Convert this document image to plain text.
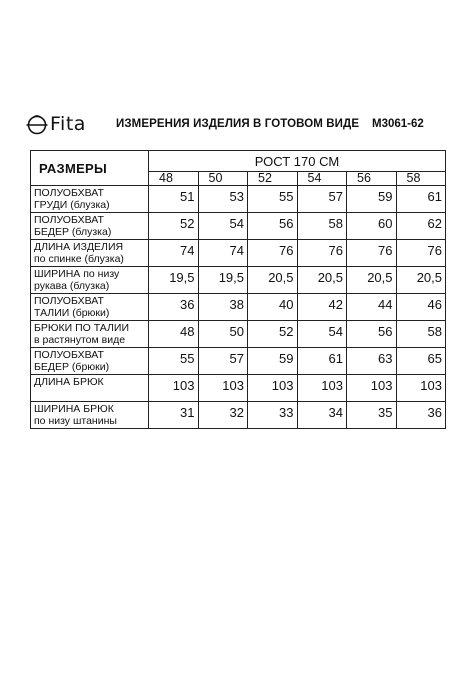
Fita	ИЗМЕРЕНИЯ ИЗДЕЛИЯ В ГОТОВОМ ВИДЕ М3061-62
РАЗМЕРЫ	РОСТ 170 СМ					
	48	50	52	54	56	58

ПОЛУОБХВАТ
ГРУДИ (блузка)	51	53	55	57	59	61

ПОЛУОБХВАТ
БЕДЕР (блузка)	52	54	56	58	60	62

ДЛИНА ИЗДЕЛИЯ
по спинке (блузка)	74	74	76	76	76	76

ШИРИНА по низу
рукава (блузка)	19,5	19,5	20,5	20,5	20,5	20,5

ПОЛУОБХВАТ
ТАЛИИ (брюки)	36	38	40	42	44	46

БРЮКИ ПО ТАЛИИ
в растянутом виде	48	50	52	54	56	58

ПОЛУОБХВАТ
БЕДЕР (брюки)	55	57	59	61	63	65

ДЛИНА БРЮК	103	103	103	103	103	103

ШИРИНА БРЮК
по низу штанины	31	32	33	34	35	36
